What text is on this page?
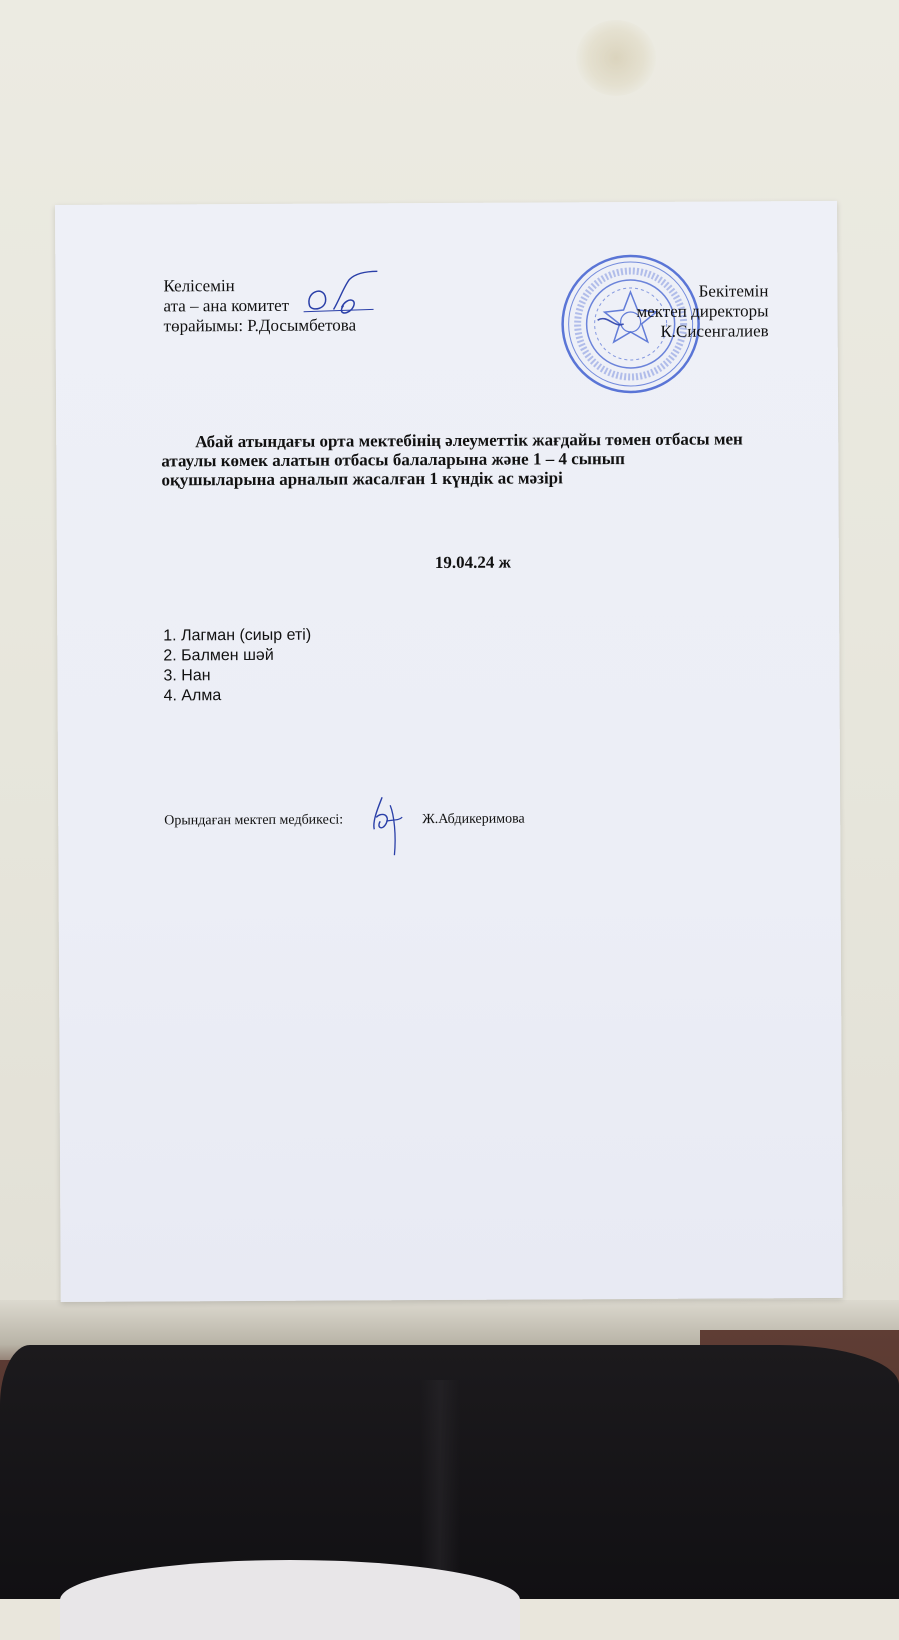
Келісемін
ата – ана комитет
төрайымы: Р.Досымбетова
Бекітемін
мектеп директоры
К.Сисенгалиев
Абай атындағы орта мектебінің әлеуметтік жағдайы төмен отбасы мен
атаулы көмек алатын отбасы балаларына және 1 – 4 сынып
оқушыларына арналып жасалған 1 күндік ас мәзірі
19.04.24 ж
1. Лагман (сиыр еті)
2. Балмен шәй
3. Нан
4. Алма
Орындаған мектеп медбикесі:	Ж.Абдикеримова
